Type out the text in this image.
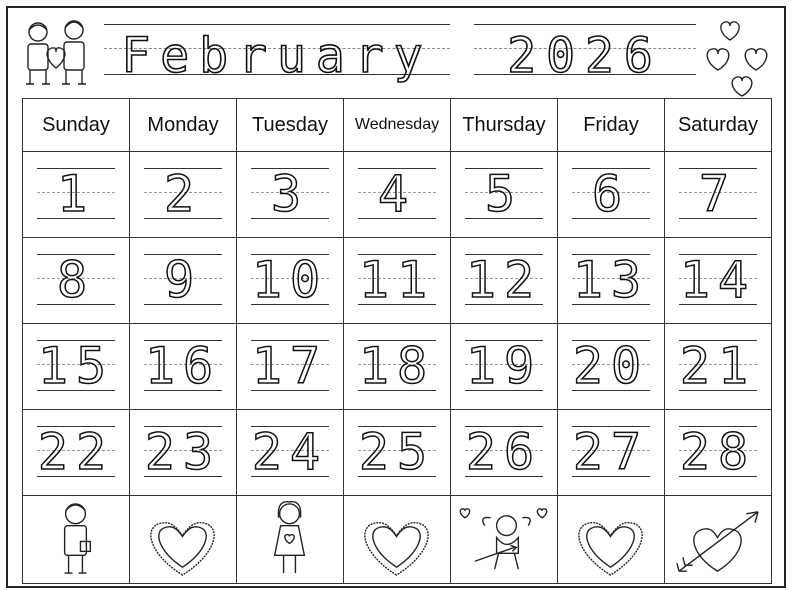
February	2026
Sunday	Monday	Tuesday	Wednesday	Thursday	Friday	Saturday

1	2	3	4	5	6	7

8	9	10	11	12	13	14

15	16	17	18	19	20	21

22	23	24	25	26	27	28
